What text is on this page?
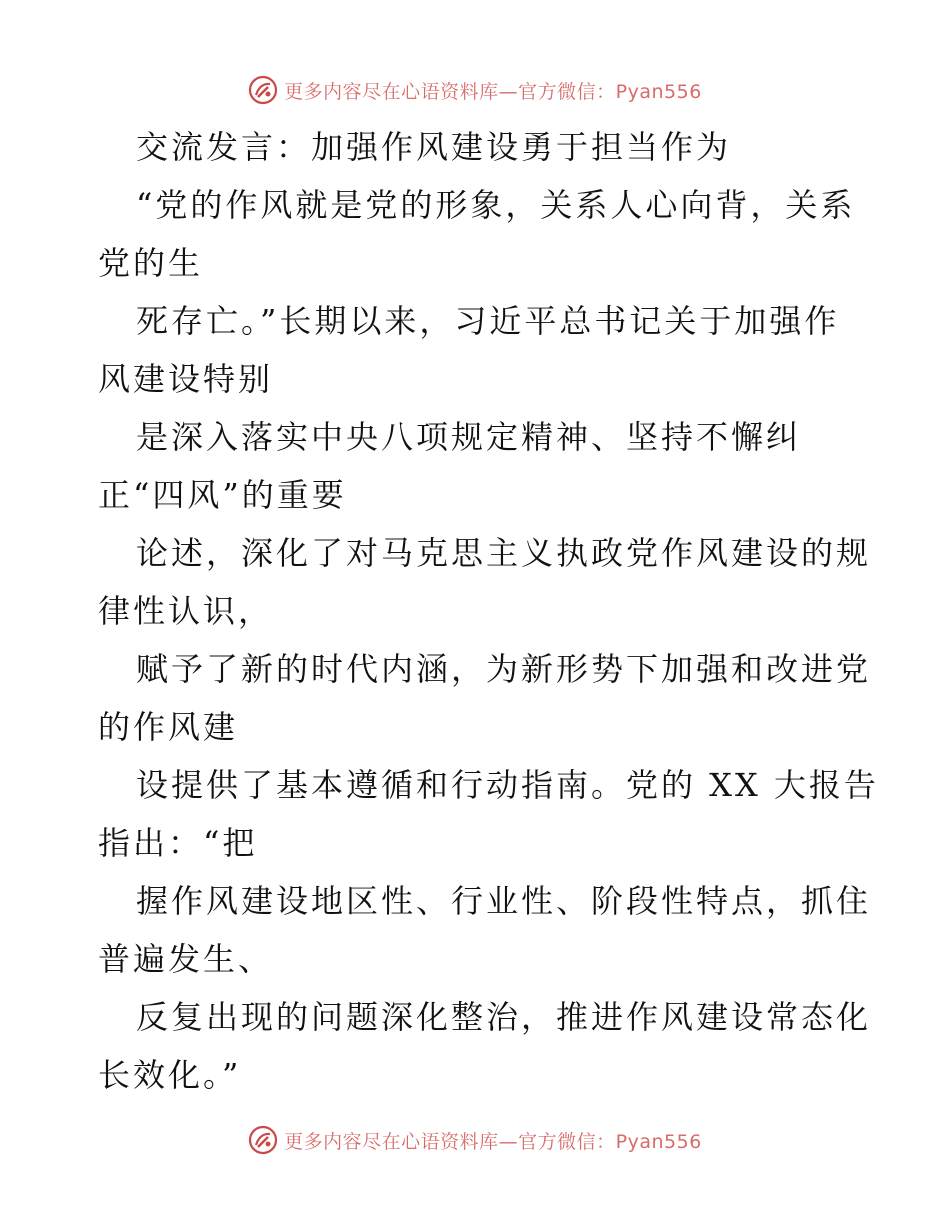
更多内容尽在心语资料库—官方微信：Pyan556
交流发言：加强作风建设勇于担当作为
“党的作风就是党的形象，关系人心向背，关系
党的生
死存亡。”长期以来，习近平总书记关于加强作
风建设特别
是深入落实中央八项规定精神、坚持不懈纠
正“四风”的重要
论述，深化了对马克思主义执政党作风建设的规
律性认识，
赋予了新的时代内涵，为新形势下加强和改进党
的作风建
设提供了基本遵循和行动指南。党的 XX 大报告
指出：“把
握作风建设地区性、行业性、阶段性特点，抓住
普遍发生、
反复出现的问题深化整治，推进作风建设常态化
长效化。”
更多内容尽在心语资料库—官方微信：Pyan556
